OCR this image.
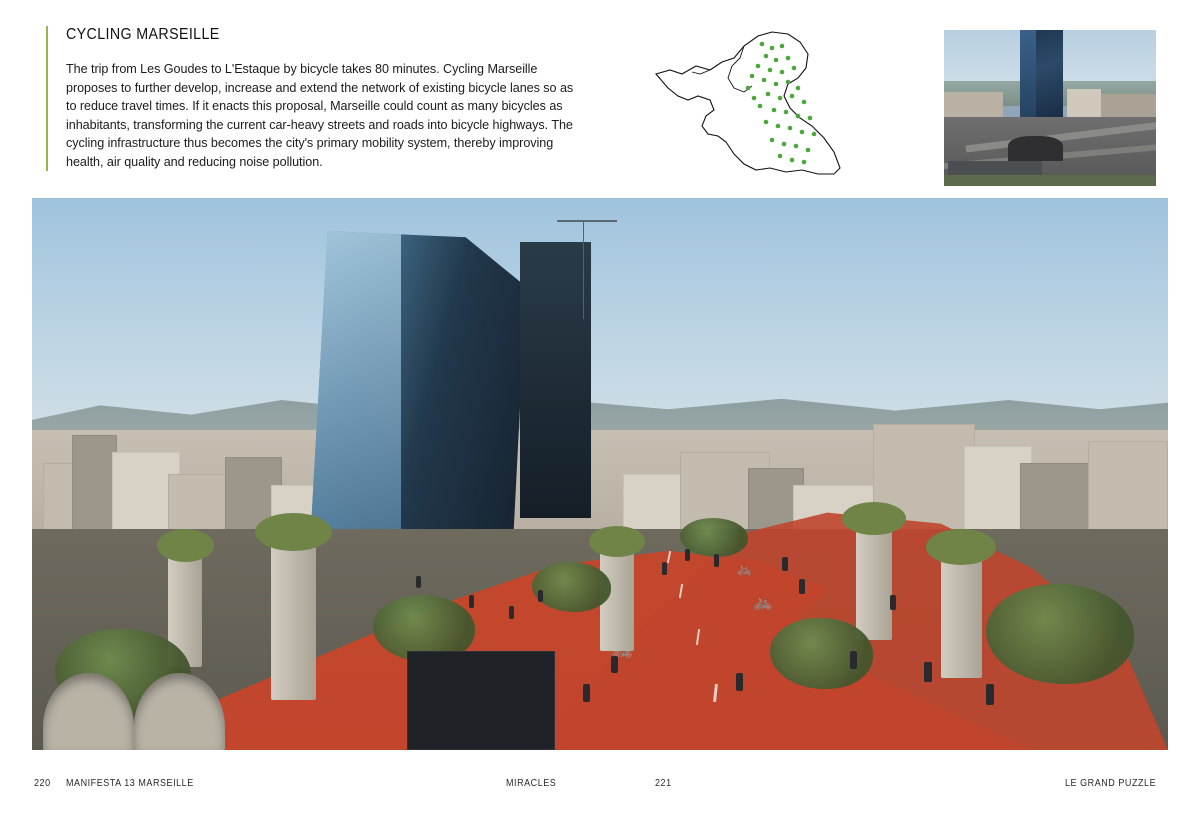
CYCLING MARSEILLE

The trip from Les Goudes to L'Estaque by bicycle takes 80 minutes. Cycling Marseille proposes to further develop, increase and extend the network of existing bicycle lanes so as to reduce travel times. If it enacts this proposal, Marseille could count as many bicycles as inhabitants, transforming the current car-heavy streets and roads into bicycle highways. The cycling infrastructure thus becomes the city's primary mobility system, thereby improving health, air quality and reducing noise pollution.

🚲
🚲
220 MANIFESTA 13 MARSEILLE	MIRACLES	221	LE GRAND PUZZLE
